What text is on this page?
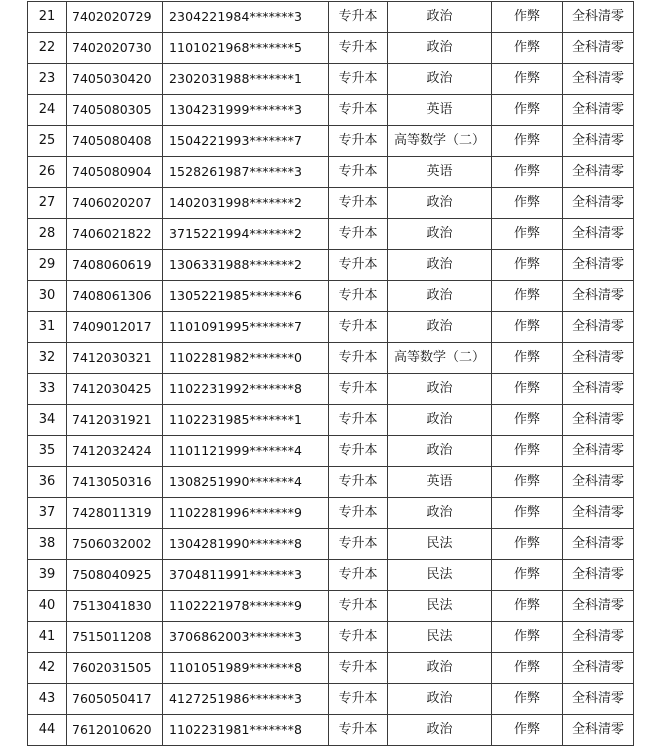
21	7402020729	2304221984*******3	专升本	政治	作弊	全科清零
22	7402020730	1101021968*******5	专升本	政治	作弊	全科清零
23	7405030420	2302031988*******1	专升本	政治	作弊	全科清零
24	7405080305	1304231999*******3	专升本	英语	作弊	全科清零
25	7405080408	1504221993*******7	专升本	高等数学（二）	作弊	全科清零
26	7405080904	1528261987*******3	专升本	英语	作弊	全科清零
27	7406020207	1402031998*******2	专升本	政治	作弊	全科清零
28	7406021822	3715221994*******2	专升本	政治	作弊	全科清零
29	7408060619	1306331988*******2	专升本	政治	作弊	全科清零
30	7408061306	1305221985*******6	专升本	政治	作弊	全科清零
31	7409012017	1101091995*******7	专升本	政治	作弊	全科清零
32	7412030321	1102281982*******0	专升本	高等数学（二）	作弊	全科清零
33	7412030425	1102231992*******8	专升本	政治	作弊	全科清零
34	7412031921	1102231985*******1	专升本	政治	作弊	全科清零
35	7412032424	1101121999*******4	专升本	政治	作弊	全科清零
36	7413050316	1308251990*******4	专升本	英语	作弊	全科清零
37	7428011319	1102281996*******9	专升本	政治	作弊	全科清零
38	7506032002	1304281990*******8	专升本	民法	作弊	全科清零
39	7508040925	3704811991*******3	专升本	民法	作弊	全科清零
40	7513041830	1102221978*******9	专升本	民法	作弊	全科清零
41	7515011208	3706862003*******3	专升本	民法	作弊	全科清零
42	7602031505	1101051989*******8	专升本	政治	作弊	全科清零
43	7605050417	4127251986*******3	专升本	政治	作弊	全科清零
44	7612010620	1102231981*******8	专升本	政治	作弊	全科清零
